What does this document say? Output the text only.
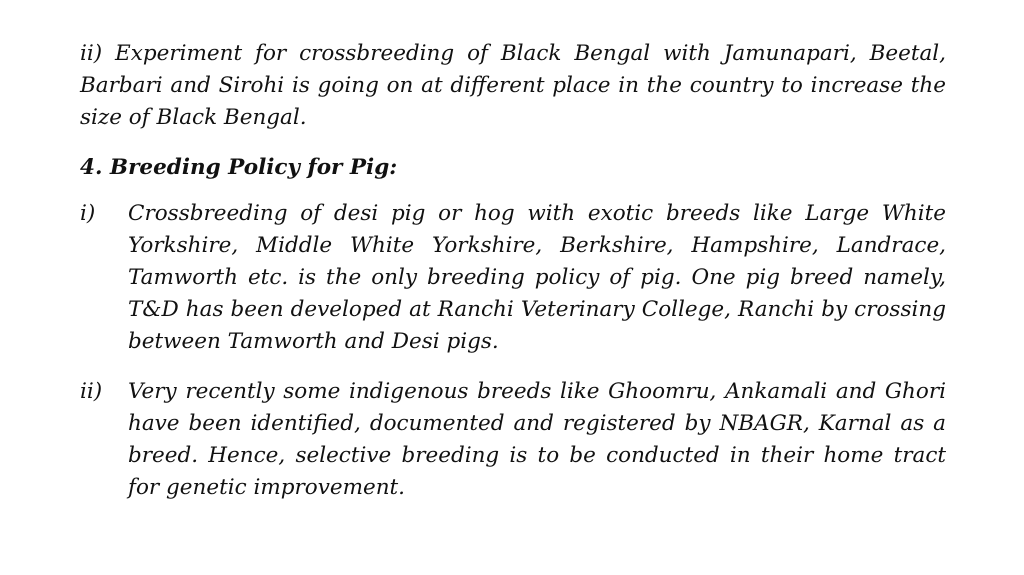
ii) Experiment for crossbreeding of Black Bengal with Jamunapari, Beetal, Barbari and Sirohi is going on at different place in the country to increase the size of Black Bengal.

4. Breeding Policy for Pig:

i)	Crossbreeding of desi pig or hog with exotic breeds like Large White Yorkshire, Middle White Yorkshire, Berkshire, Hampshire, Landrace, Tamworth etc. is the only breeding policy of pig. One pig breed namely, T&D has been developed at Ranchi Veterinary College, Ranchi by crossing between Tamworth and Desi pigs.
ii)	Very recently some indigenous breeds like Ghoomru, Ankamali and Ghori have been identified, documented and registered by NBAGR, Karnal as a breed. Hence, selective breeding is to be conducted in their home tract for genetic improvement.
